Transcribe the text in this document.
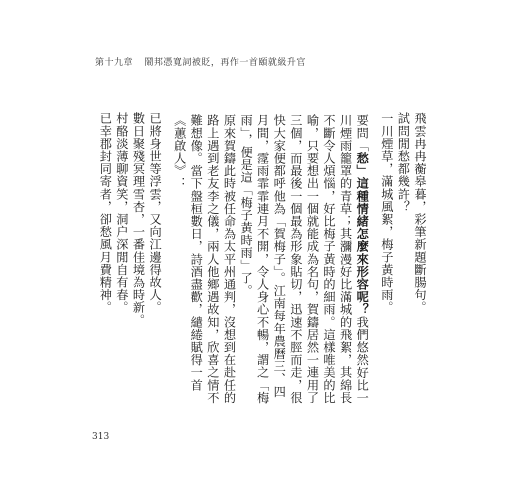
第十九章 鬧邦憑寬詞被貶，再作一首頤就級升官

飛雲冉冉蘅皋暮，彩筆新題斷腸句。

試問閒愁都幾許？

一川煙草，滿城風絮，梅子黃時雨。

要問「愁」這種情緒怎麼來形容呢？我們悠然好比一川煙雨籠罩的青草；其瀰漫好比滿城的飛絮，其綿長不斷令人煩惱，好比梅子黃時的細雨。這樣唯美的比喻，只要想出一個就能成為名句，賀鑄居然一連用了三個，而最後一個最為形象貼切，迅速不脛而走，很快大家便都呼他為「賀梅子」。江南每年農曆三、四月間，霪雨霏霏連月不開，令人身心不暢，謂之「梅雨」，便是這「梅子黃時雨」了。

原來賀鑄此時被任命為太平州通判，沒想到在赴任的路上遇到老友李之儀，兩人他鄉遇故知，欣喜之情不難想像。當下盤桓數日，詩酒盡歡，繾綣賦得一首《蕙啟人》：

已將身世等浮雲，又向江邊得故人。

數日聚殘冥理雪杏，一番佳境為時新。

村酪淡薄聊資笑，洞户深閒自有春。

已幸郡封同寄者，卻愁風月費精神。

313
